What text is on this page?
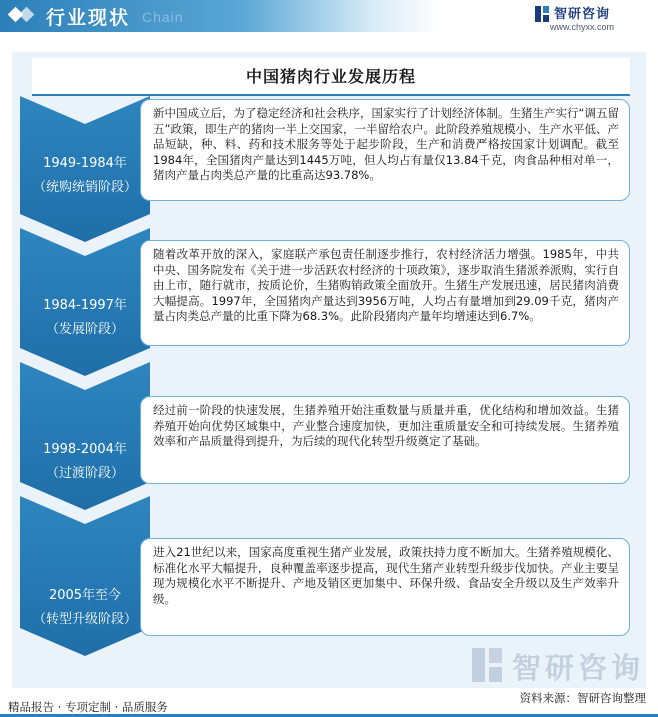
行业现状 Chain	智研咨询
www.chyxx.com
中国猪肉行业发展历程
1949-1984年
（统购统销阶段）
新中国成立后，为了稳定经济和社会秩序，国家实行了计划经济体制。生猪生产实行“调五留五”政策，即生产的猪肉一半上交国家，一半留给农户。此阶段养殖规模小、生产水平低、产品短缺，种、料、药和技术服务等处于起步阶段，生产和消费严格按国家计划调配。截至1984年，全国猪肉产量达到1445万吨，但人均占有量仅13.84千克，肉食品种相对单一，猪肉产量占肉类总产量的比重高达93.78%。
1984-1997年
（发展阶段）
随着改革开放的深入，家庭联产承包责任制逐步推行，农村经济活力增强。1985年，中共中央、国务院发布《关于进一步活跃农村经济的十项政策》，逐步取消生猪派养派购，实行自由上市，随行就市，按质论价，生猪购销政策全面放开。生猪生产发展迅速，居民猪肉消费大幅提高。1997年，全国猪肉产量达到3956万吨，人均占有量增加到29.09千克，猪肉产量占肉类总产量的比重下降为68.3%。此阶段猪肉产量年均增速达到6.7%。
1998-2004年
（过渡阶段）
经过前一阶段的快速发展，生猪养殖开始注重数量与质量并重，优化结构和增加效益。生猪养殖开始向优势区域集中，产业整合速度加快，更加注重质量安全和可持续发展。生猪养殖效率和产品质量得到提升，为后续的现代化转型升级奠定了基础。
2005年至今
（转型升级阶段）
进入21世纪以来，国家高度重视生猪产业发展，政策扶持力度不断加大。生猪养殖规模化、标准化水平大幅提升，良种覆盖率逐步提高，现代生猪产业转型升级步伐加快。产业主要呈现为规模化水平不断提升、产地及销区更加集中、环保升级、食品安全升级以及生产效率升级。
智研咨询
资料来源：智研咨询整理
精品报告 · 专项定制 · 品质服务
